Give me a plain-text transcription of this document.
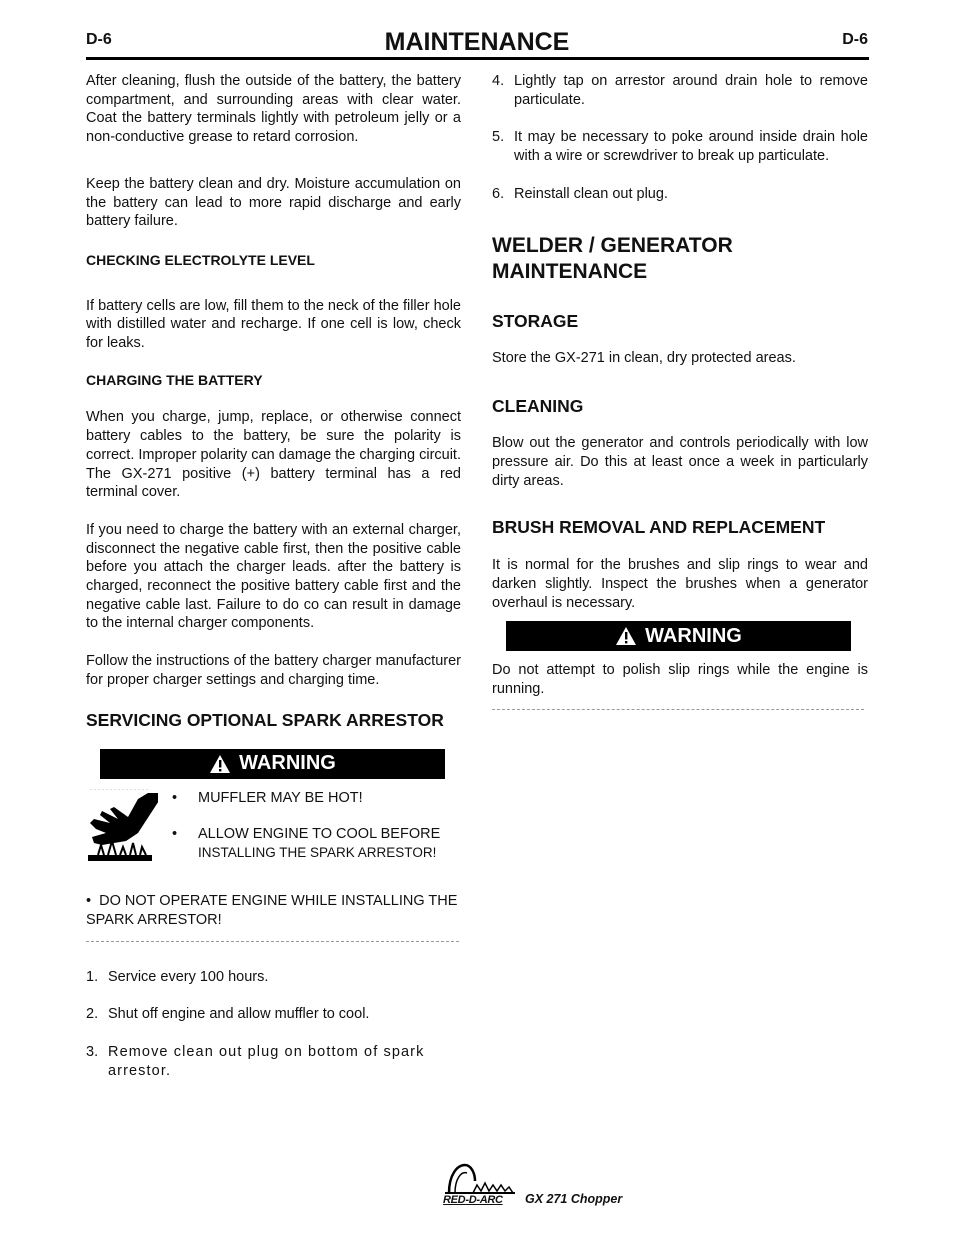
D-6	MAINTENANCE	D-6

After cleaning, flush the outside of the battery, the battery compartment, and surrounding areas with clear water. Coat the battery terminals lightly with petroleum jelly or a non-conductive grease to retard corrosion.

Keep the battery clean and dry. Moisture accumulation on the battery can lead to more rapid discharge and early battery failure.

CHECKING ELECTROLYTE LEVEL

If battery cells are low, fill them to the neck of the filler hole with distilled water and recharge. If one cell is low, check for leaks.

CHARGING THE BATTERY

When you charge, jump, replace, or otherwise connect battery cables to the battery, be sure the polarity is correct. Improper polarity can damage the charging circuit. The GX-271 positive (+) battery terminal has a red terminal cover.

If you need to charge the battery with an external charger, disconnect the negative cable first, then the positive cable before you attach the charger leads. after the battery is charged, reconnect the positive battery cable first and the negative cable last. Failure to do co can result in damage to the internal charger components.

Follow the instructions of the battery charger manufacturer for proper charger settings and charging time.

SERVICING OPTIONAL SPARK ARRESTOR
WARNING
•	MUFFLER MAY BE HOT!
•	ALLOW ENGINE TO COOL BEFORE
INSTALLING THE SPARK ARRESTOR!
• DO NOT OPERATE ENGINE WHILE INSTALLING THE SPARK ARRESTOR!
1. Service every 100 hours.
2. Shut off engine and allow muffler to cool.
3. Remove clean out plug on bottom of spark arrestor.
4. Lightly tap on arrestor around drain hole to remove particulate.
5. It may be necessary to poke around inside drain hole with a wire or screwdriver to break up particulate.
6. Reinstall clean out plug.
WELDER / GENERATOR MAINTENANCE
STORAGE

Store the GX-271 in clean, dry protected areas.

CLEANING

Blow out the generator and controls periodically with low pressure air. Do this at least once a week in particularly dirty areas.

BRUSH REMOVAL AND REPLACEMENT

It is normal for the brushes and slip rings to wear and darken slightly. Inspect the brushes when a generator overhaul is necessary.

WARNING

Do not attempt to polish slip rings while the engine is running.

RED-D-ARC	GX 271 Chopper
